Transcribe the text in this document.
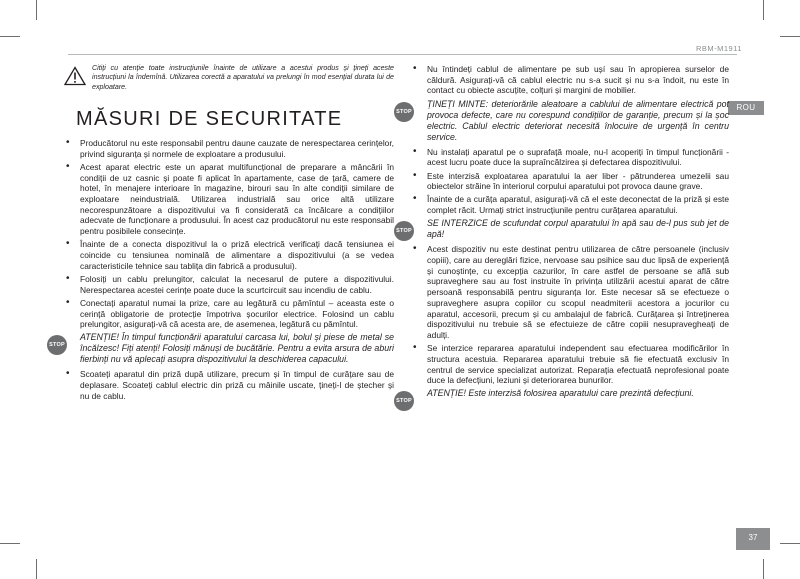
RBM-M1911
ROU
37
Citiți cu atenție toate instrucțiunile înainte de utilizare a acestui produs și țineți aceste instrucțiuni la îndemînă. Utilizarea corectă a aparatului va prelungi în mod esențial durata lui de exploatare.
MĂSURI DE SECURITATE
• Producătorul nu este responsabil pentru daune cauzate de nerespectarea cerințelor, privind siguranța și normele de exploatare a produsului.
• Acest aparat electric este un aparat multifuncțional de preparare a mâncării în condiții de uz casnic și poate fi aplicat în apartamente, case de țară, camere de hotel, în menajere interioare în magazine, birouri sau în alte condiții similare de exploatare neindustrială. Utilizarea industrială sau orice altă utilizare necorespunzătoare a dispozitivului va fi considerată ca încălcare a condițiilor adecvate de funcționare a produsului. În acest caz producătorul nu este responsabil pentru posibilele consecințe.
• Înainte de a conecta dispozitivul la o priză electrică verificați dacă tensiunea ei coincide cu tensiunea nominală de alimentare a dispozitivului (a se vedea caracteristicile tehnice sau tablița din fabrică a produsului).
• Folosiți un cablu prelungitor, calculat la necesarul de putere a dispozitivului. Nerespectarea acestei cerințe poate duce la scurtcircuit sau incendiu de cablu.
• Conectați aparatul numai la prize, care au legătură cu pămîntul – aceasta este o cerință obligatorie de protecție împotriva șocurilor electrice. Folosind un cablu prelungitor, asigurați-vă că acesta are, de asemenea, legătură cu pămîntul.
STOP
ATENȚIE! În timpul funcționării aparatului carcasa lui, bolul și piese de metal se încălzesc! Fiți atenți! Folosiți mănuși de bucătărie. Pentru a evita arsura de aburi fierbinți nu vă aplecați asupra dispozitivului la deschiderea capacului.
• Scoateți aparatul din priză după utilizare, precum și în timpul de curățare sau de deplasare. Scoateți cablul electric din priză cu mâinile uscate, țineți-l de ștecher și nu de cablu.
• Nu întindeți cablul de alimentare pe sub ușí sau în apropierea surselor de căldură. Asigurați-vă că cablul electric nu s-a sucit și nu s-a îndoit, nu este în contact cu obiecte ascuțite, colțuri și margini de mobilier.
STOP
ȚINEȚI MINTE: deteriorările aleatoare a cablului de alimentare electrică pot provoca defecte, care nu corespund condițiilor de garanție, precum și la șoc electric. Cablul electric deteriorat necesită înlocuire de urgență în centru service.
• Nu instalați aparatul pe o suprafață moale, nu-l acoperiți în timpul funcționării - acest lucru poate duce la supraîncălzirea și defectarea dispozitivului.
• Este interzisă exploatarea aparatului la aer liber - pătrunderea umezelii sau obiectelor străine în interiorul corpului aparatului pot provoca daune grave.
• Înainte de a curăța aparatul, asigurați-vă că el este deconectat de la priză și este complet răcit. Urmați strict instrucțiunile pentru curățarea aparatului.
STOP
SE INTERZICE de scufundat corpul aparatului în apă sau de-l pus sub jet de apă!
• Acest dispozitiv nu este destinat pentru utilizarea de către persoanele (inclusiv copiii), care au dereglări fizice, nervoase sau psihice sau duc lipsă de experiență și cunoștințe, cu excepția cazurilor, în care astfel de persoane se află sub supraveghere sau au fost instruite în privința utilizării acestui aparat de către persoană responsabilă pentru siguranța lor. Este necesar să se efectueze o supraveghere asupra copiilor cu scopul neadmiterii acestora a jocurilor cu aparatul, accesorii, precum și cu ambalajul de fabrică. Curățarea și întreținerea dispozitivului nu trebuie să se efectuieze de către copiii nesupravegheați de adulți.
• Se interzice repararea aparatului independent sau efectuarea modificărilor în structura acestuia. Repararea aparatului trebuie să fie efectuată exclusiv în centrul de service specializat autorizat. Reparația efectuată neprofesional poate duce la defecțiuni, leziuni și deteriorarea bunurilor.
STOP
ATENȚIE! Este interzisă folosirea aparatului care prezintă defecțiuni.
